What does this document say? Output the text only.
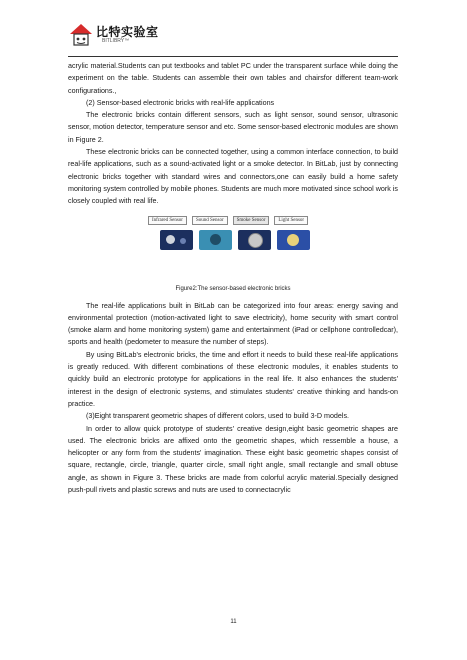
比特实验室
BITLIBRY™

acrylic material.Students can put textbooks and tablet PC under the transparent surface while doing the experiment on the table. Students can assemble their own tables and chairsfor different team-work configurations.,

(2) Sensor-based electronic bricks with real-life applications

The electronic bricks contain different sensors, such as light sensor, sound sensor, ultrasonic sensor, motion detector, temperature sensor and etc. Some sensor-based electronic modules are shown in Figure 2.

These electronic bricks can be connected together, using a common interface connection, to build real-life applications, such as a sound-activated light or a smoke detector. In BitLab, just by connecting electronic bricks together with standard wires and connectors,one can easily build a home safety monitoring system controlled by mobile phones. Students are much more motivated since school work is closely coupled with real life.

Infrared Sensor	Sound Sensor	Smoke Sensor	Light Sensor
Figure2:The sensor-based electronic bricks

The real-life applications built in BitLab can be categorized into four areas: energy saving and environmental protection (motion-activated light to save electricity), home security with smart control (smoke alarm and home monitoring system) game and entertainment (iPad or cellphone controlledcar), sports and health (pedometer to measure the number of steps).

By using BitLab's electronic bricks, the time and effort it needs to build these real-life applications is greatly reduced. With different combinations of these electronic modules, it enables students to quickly build an electronic prototype for applications in the real life. It also enhances the students' interest in the design of electronic systems, and stimulates students' creative thinking and hands-on practice.

(3)Eight transparent geometric shapes of different colors, used to build 3-D models.

In order to allow quick prototype of students' creative design,eight basic geometric shapes are used. The electronic bricks are affixed onto the geometric shapes, which ressemble a house, a helicopter or any form from the students' imagination. These eight basic geometric shapes consist of square, rectangle, circle, triangle, quarter circle, small right angle, small rectangle and small obtuse angle, as shown in Figure 3. These bricks are made from colorful acrylic material.Specially designed push-pull rivets and plastic screws and nuts are used to connectacrylic

11
